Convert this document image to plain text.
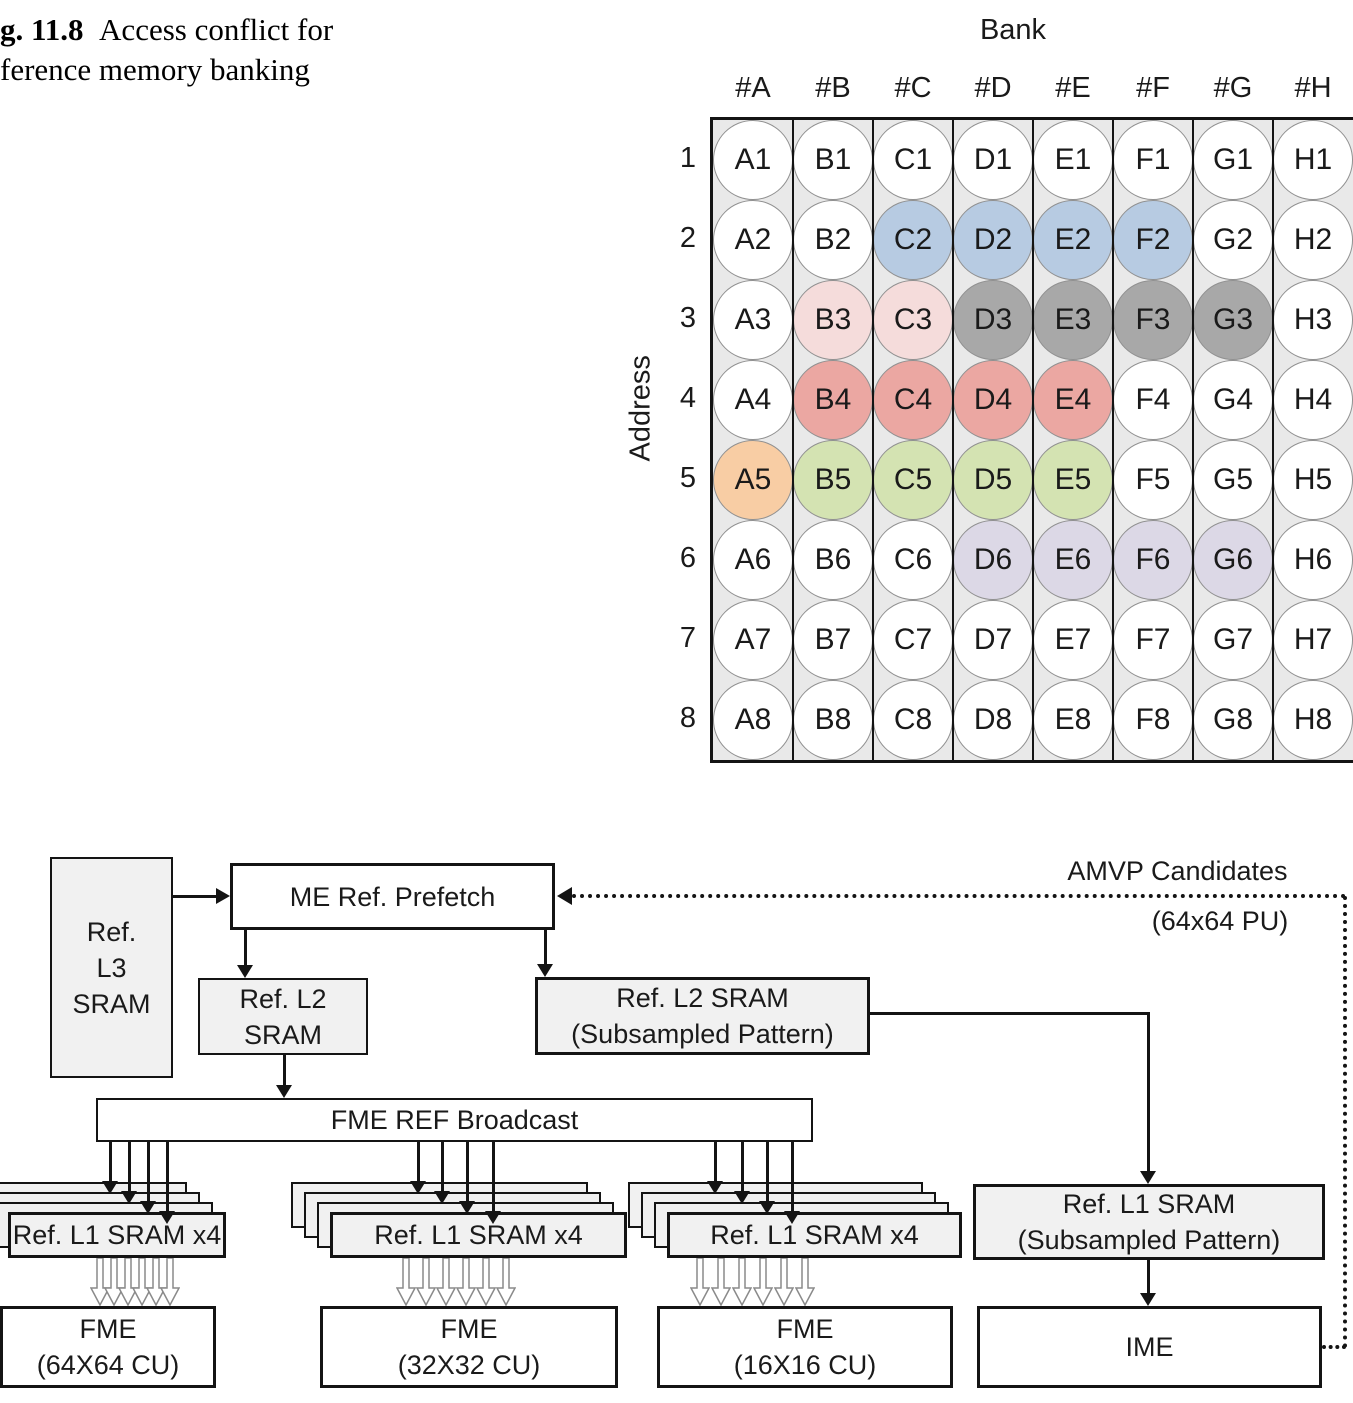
g. 11.8 Access conflict for
ference memory banking
Bank
#A	#B	#C	#D	#E	#F	#G	#H
1
2
3
4
5
6
7
8
Address
A1	B1	C1	D1	E1	F1	G1	H1
A2	B2	C2	D2	E2	F2	G2	H2
A3	B3	C3	D3	E3	F3	G3	H3
A4	B4	C4	D4	E4	F4	G4	H4
A5	B5	C5	D5	E5	F5	G5	H5
A6	B6	C6	D6	E6	F6	G6	H6
A7	B7	C7	D7	E7	F7	G7	H7
A8	B8	C8	D8	E8	F8	G8	H8
Ref.
L3
SRAM
ME Ref. Prefetch
Ref. L2
SRAM
Ref. L2 SRAM
(Subsampled Pattern)
FME REF Broadcast
FME
(64X64 CU)
FME
(32X32 CU)
FME
(16X16 CU)
Ref. L1 SRAM
(Subsampled Pattern)
IME
AMVP Candidates
(64x64 PU)
Ref. L1 SRAM x4	Ref. L1 SRAM x4	Ref. L1 SRAM x4
